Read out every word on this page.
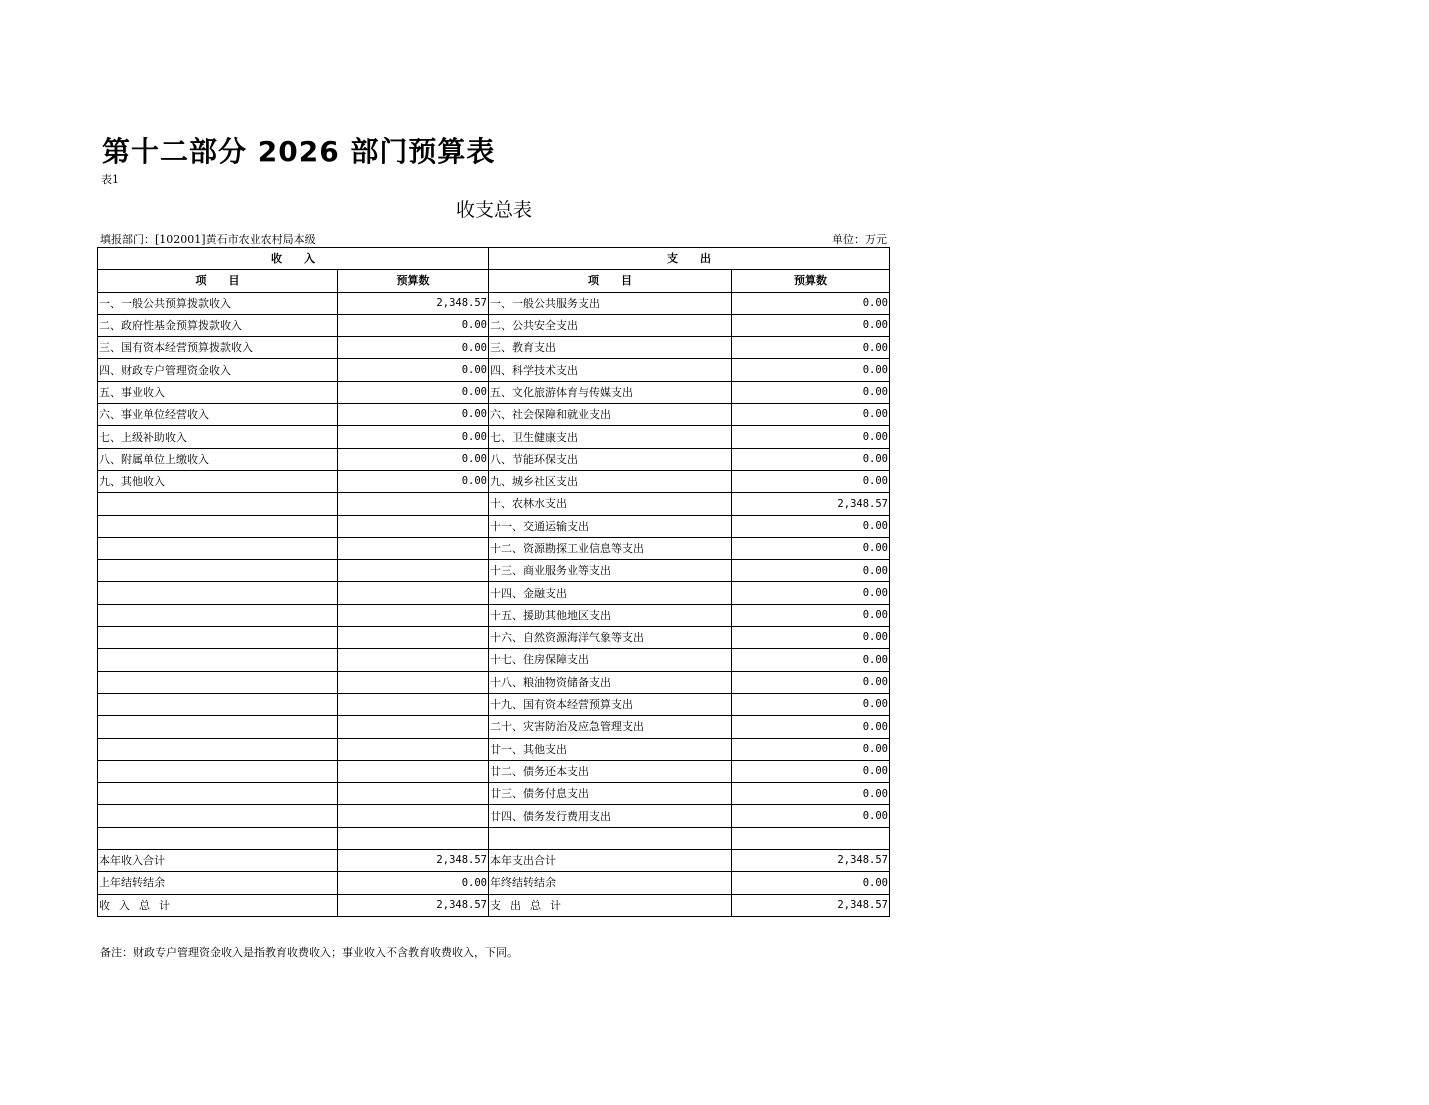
第十二部分 2026 部门预算表
表1
收支总表
填报部门：[102001]黄石市农业农村局本级	单位：万元
收　　入		支　　出	
项　　目	预算数	项　　目	预算数
一、一般公共预算拨款收入	2,348.57	一、一般公共服务支出	0.00
二、政府性基金预算拨款收入	0.00	二、公共安全支出	0.00
三、国有资本经营预算拨款收入	0.00	三、教育支出	0.00
四、财政专户管理资金收入	0.00	四、科学技术支出	0.00
五、事业收入	0.00	五、文化旅游体育与传媒支出	0.00
六、事业单位经营收入	0.00	六、社会保障和就业支出	0.00
七、上级补助收入	0.00	七、卫生健康支出	0.00
八、附属单位上缴收入	0.00	八、节能环保支出	0.00
九、其他收入	0.00	九、城乡社区支出	0.00
		十、农林水支出	2,348.57
		十一、交通运输支出	0.00
		十二、资源勘探工业信息等支出	0.00
		十三、商业服务业等支出	0.00
		十四、金融支出	0.00
		十五、援助其他地区支出	0.00
		十六、自然资源海洋气象等支出	0.00
		十七、住房保障支出	0.00
		十八、粮油物资储备支出	0.00
		十九、国有资本经营预算支出	0.00
		二十、灾害防治及应急管理支出	0.00
		廿一、其他支出	0.00
		廿二、债务还本支出	0.00
		廿三、债务付息支出	0.00
		廿四、债务发行费用支出	0.00

本年收入合计	2,348.57	本年支出合计	2,348.57
上年结转结余	0.00	年终结转结余	0.00
收入总计	2,348.57	支出总计	2,348.57
备注：财政专户管理资金收入是指教育收费收入；事业收入不含教育收费收入，下同。
